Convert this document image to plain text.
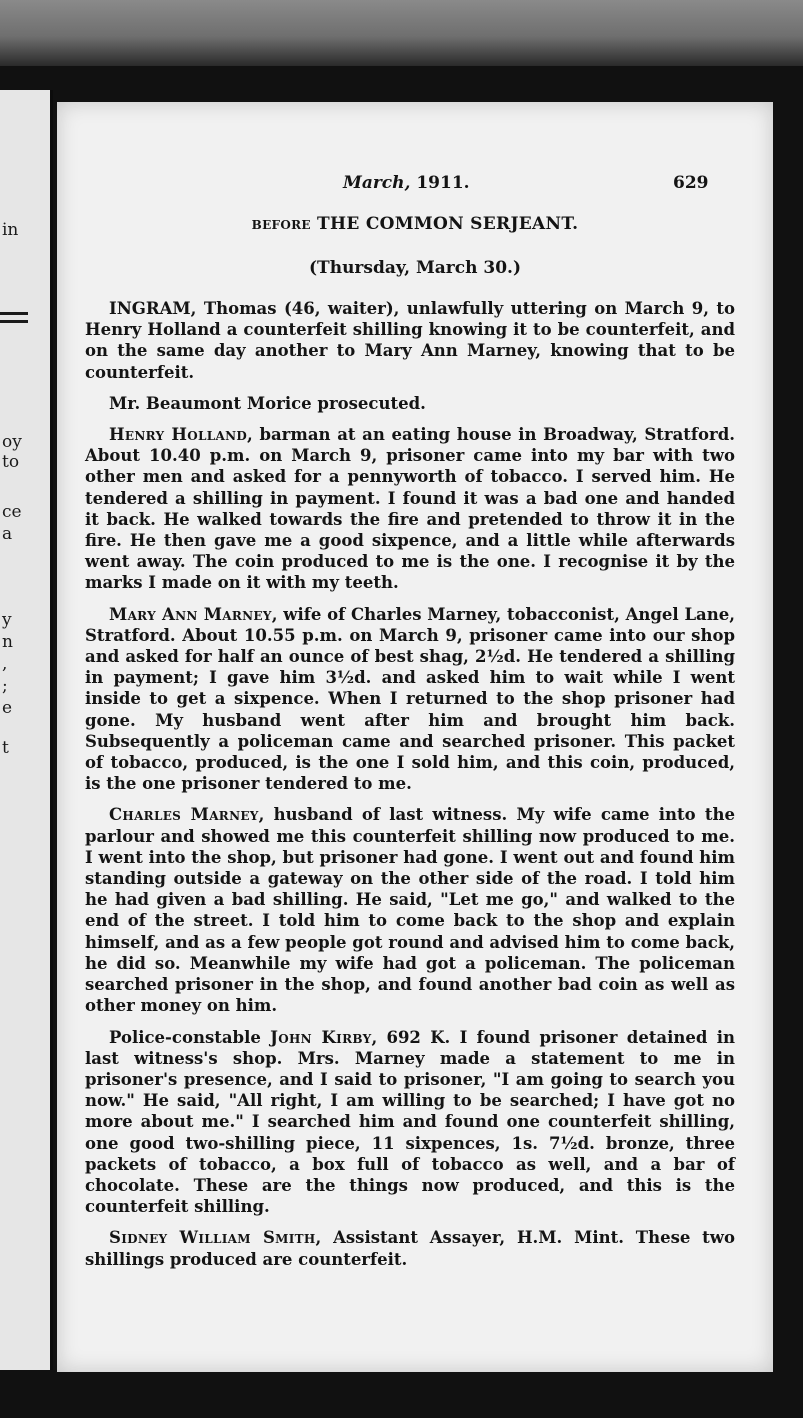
in
oy
to
ce
a
y
n
,
;
e
t
March, 1911.	629
BEFORE THE COMMON SERJEANT.
(Thursday, March 30.)

INGRAM, Thomas (46, waiter), unlawfully uttering on March 9, to Henry Holland a counterfeit shilling knowing it to be counterfeit, and on the same day another to Mary Ann Marney, knowing that to be counterfeit.

Mr. Beaumont Morice prosecuted.

Henry Holland, barman at an eating house in Broadway, Stratford. About 10.40 p.m. on March 9, prisoner came into my bar with two other men and asked for a pennyworth of tobacco. I served him. He tendered a shilling in payment. I found it was a bad one and handed it back. He walked towards the fire and pretended to throw it in the fire. He then gave me a good sixpence, and a little while afterwards went away. The coin produced to me is the one. I recognise it by the marks I made on it with my teeth.

Mary Ann Marney, wife of Charles Marney, tobacconist, Angel Lane, Stratford. About 10.55 p.m. on March 9, prisoner came into our shop and asked for half an ounce of best shag, 2½d. He tendered a shilling in payment; I gave him 3½d. and asked him to wait while I went inside to get a sixpence. When I returned to the shop prisoner had gone. My husband went after him and brought him back. Subsequently a policeman came and searched prisoner. This packet of tobacco, produced, is the one I sold him, and this coin, produced, is the one prisoner tendered to me.

Charles Marney, husband of last witness. My wife came into the parlour and showed me this counterfeit shilling now produced to me. I went into the shop, but prisoner had gone. I went out and found him standing outside a gateway on the other side of the road. I told him he had given a bad shilling. He said, "Let me go," and walked to the end of the street. I told him to come back to the shop and explain himself, and as a few people got round and advised him to come back, he did so. Meanwhile my wife had got a policeman. The policeman searched prisoner in the shop, and found another bad coin as well as other money on him.

Police-constable John Kirby, 692 K. I found prisoner detained in last witness's shop. Mrs. Marney made a statement to me in prisoner's presence, and I said to prisoner, "I am going to search you now." He said, "All right, I am willing to be searched; I have got no more about me." I searched him and found one counterfeit shilling, one good two-shilling piece, 11 sixpences, 1s. 7½d. bronze, three packets of tobacco, a box full of tobacco as well, and a bar of chocolate. These are the things now produced, and this is the counterfeit shilling.

Sidney William Smith, Assistant Assayer, H.M. Mint. These two shillings produced are counterfeit.
